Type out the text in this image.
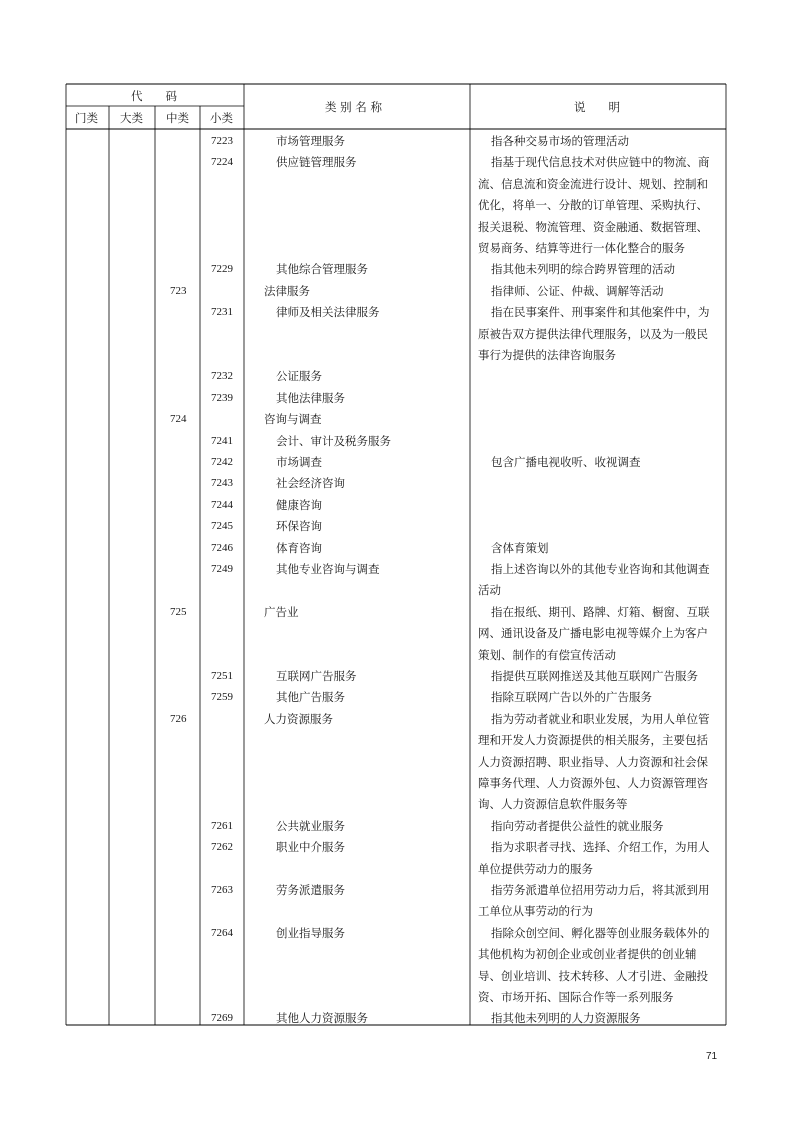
代　　码
门类 大类 中类 小类
类 别 名 称	说　　明
7223	市场管理服务	指各种交易市场的管理活动
7224	供应链管理服务	指基于现代信息技术对供应链中的物流、商
流、信息流和资金流进行设计、规划、控制和
优化，将单一、分散的订单管理、采购执行、
报关退税、物流管理、资金融通、数据管理、
贸易商务、结算等进行一体化整合的服务
7229	其他综合管理服务	指其他未列明的综合跨界管理的活动
723	法律服务	指律师、公证、仲裁、调解等活动
7231	律师及相关法律服务	指在民事案件、刑事案件和其他案件中，为
原被告双方提供法律代理服务，以及为一般民
事行为提供的法律咨询服务
7232	公证服务
7239	其他法律服务
724	咨询与调查
7241	会计、审计及税务服务
7242	市场调查	包含广播电视收听、收视调查
7243	社会经济咨询
7244	健康咨询
7245	环保咨询
7246	体育咨询	含体育策划
7249	其他专业咨询与调查	指上述咨询以外的其他专业咨询和其他调查
活动
725	广告业	指在报纸、期刊、路牌、灯箱、橱窗、互联
网、通讯设备及广播电影电视等媒介上为客户
策划、制作的有偿宣传活动
7251	互联网广告服务	指提供互联网推送及其他互联网广告服务
7259	其他广告服务	指除互联网广告以外的广告服务
726	人力资源服务	指为劳动者就业和职业发展，为用人单位管
理和开发人力资源提供的相关服务，主要包括
人力资源招聘、职业指导、人力资源和社会保
障事务代理、人力资源外包、人力资源管理咨
询、人力资源信息软件服务等
7261	公共就业服务	指向劳动者提供公益性的就业服务
7262	职业中介服务	指为求职者寻找、选择、介绍工作，为用人
单位提供劳动力的服务
7263	劳务派遣服务	指劳务派遣单位招用劳动力后，将其派到用
工单位从事劳动的行为
7264	创业指导服务	指除众创空间、孵化器等创业服务载体外的
其他机构为初创企业或创业者提供的创业辅
导、创业培训、技术转移、人才引进、金融投
资、市场开拓、国际合作等一系列服务
7269	其他人力资源服务	指其他未列明的人力资源服务
71
